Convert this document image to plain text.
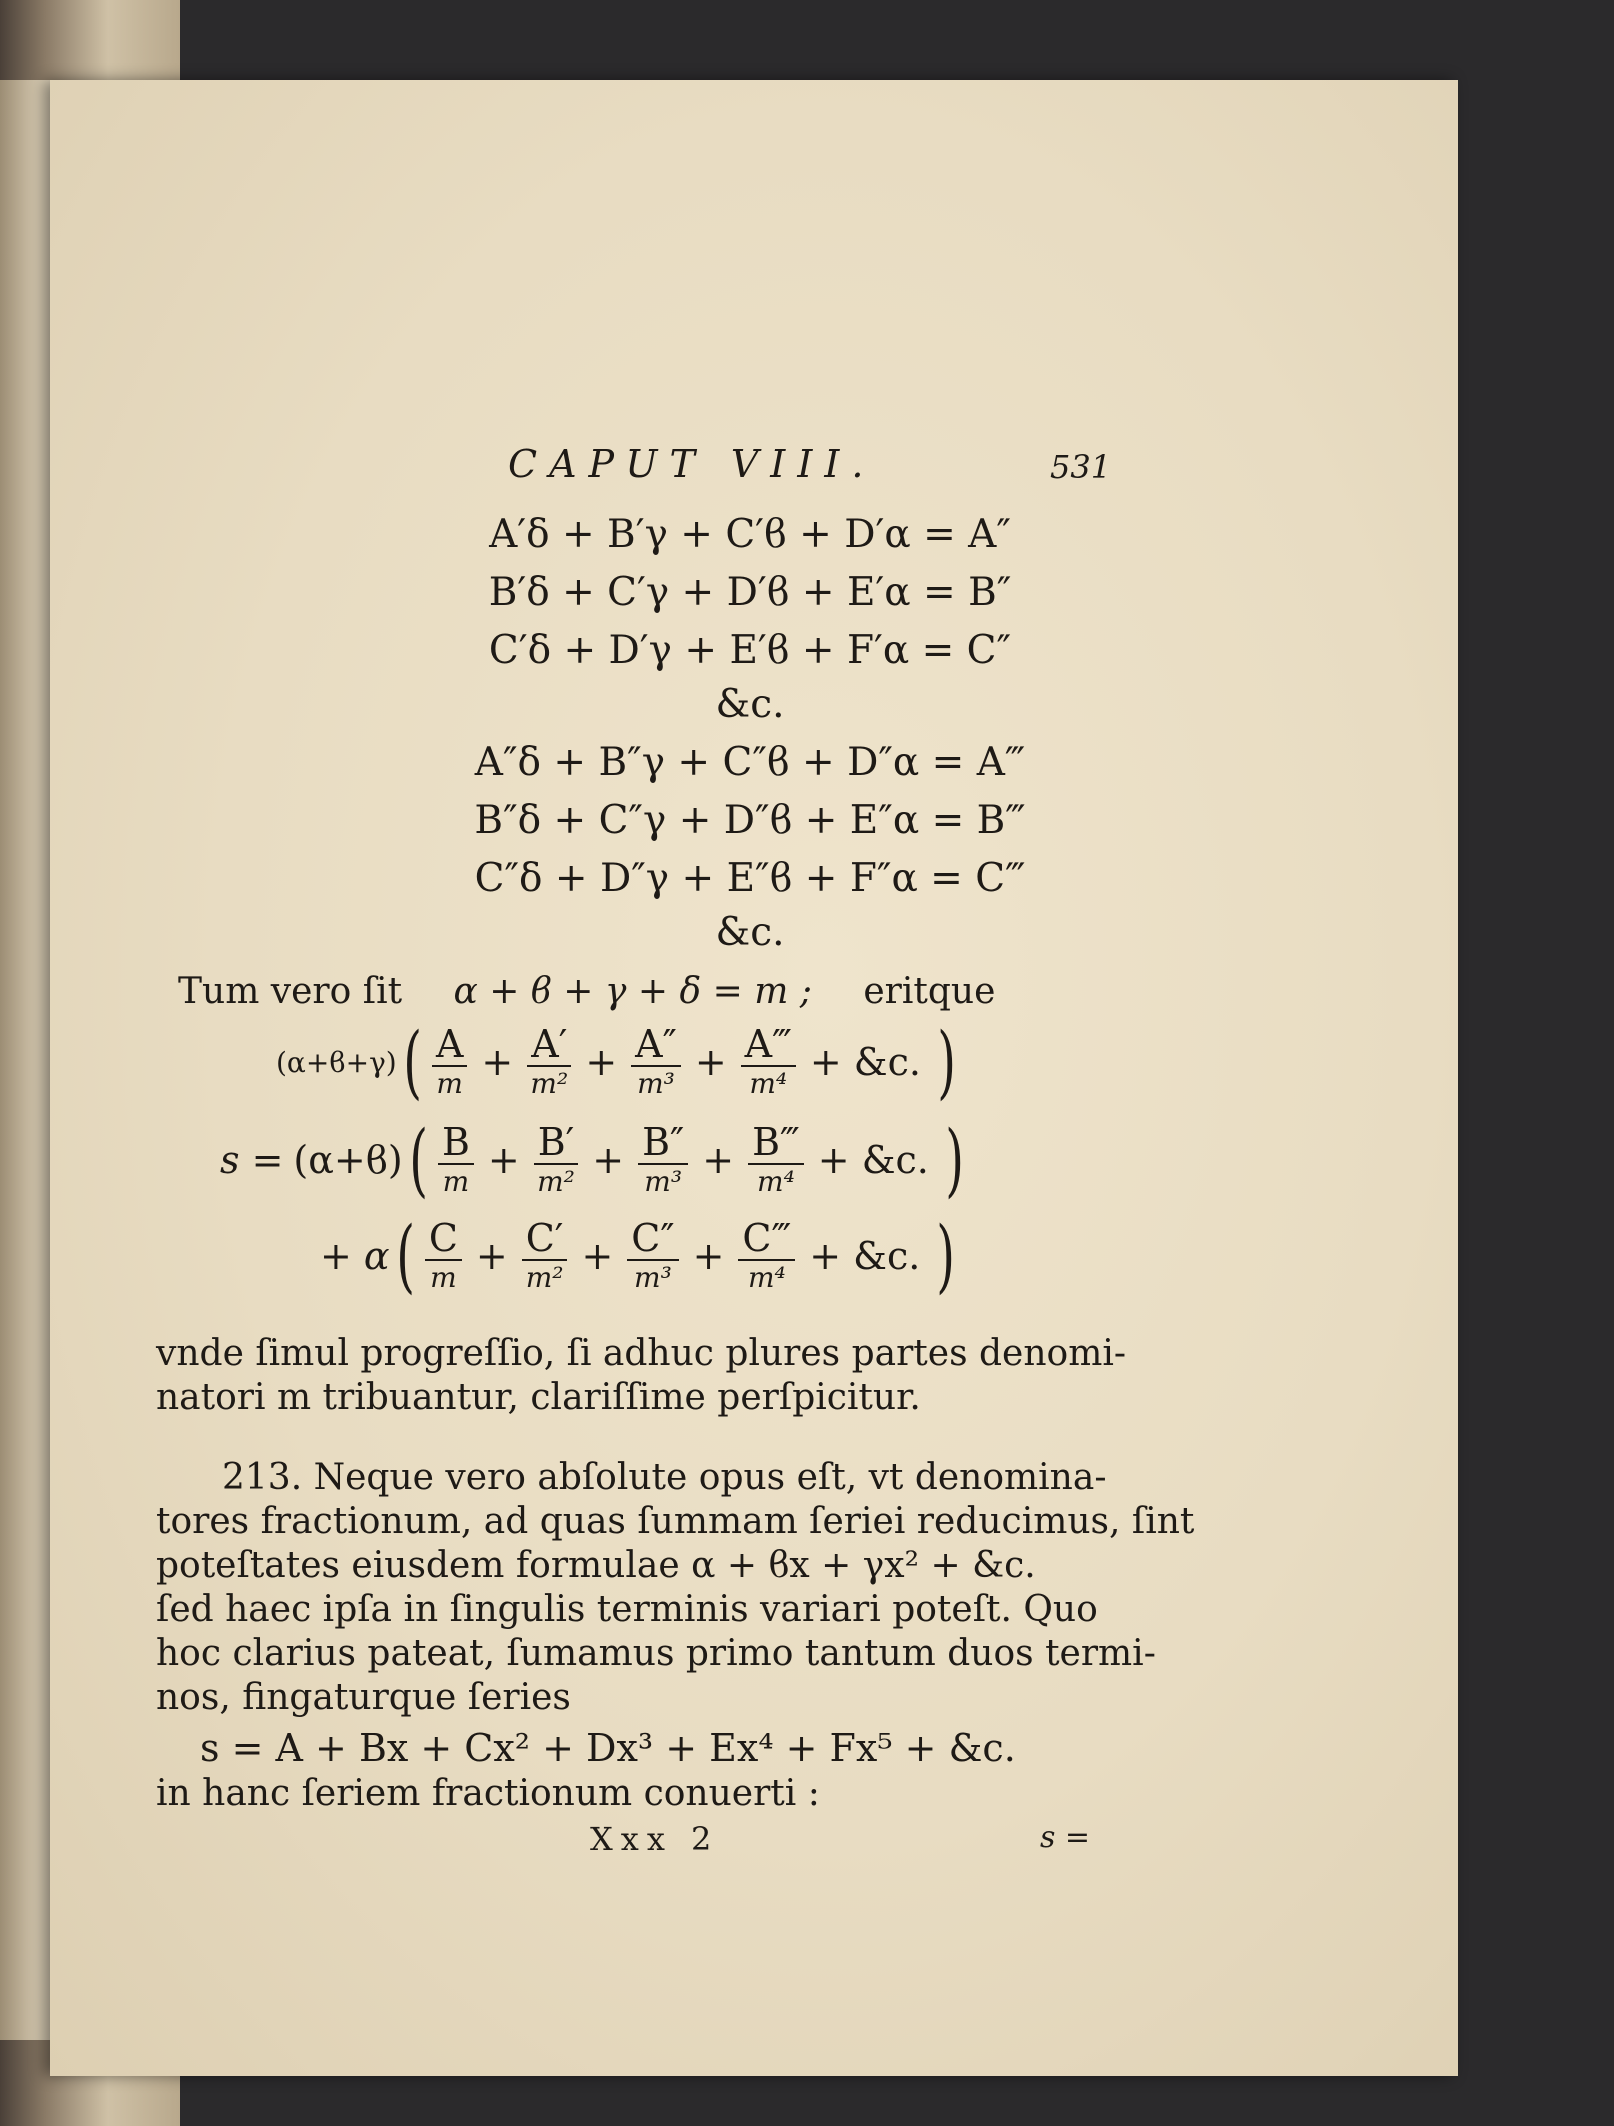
CAPUT VIII.	531
A′δ + B′γ + C′ϐ + D′α = A″
B′δ + C′γ + D′ϐ + E′α = B″
C′δ + D′γ + E′ϐ + F′α = C″
&c.
A″δ + B″γ + C″ϐ + D″α = A‴
B″δ + C″γ + D″ϐ + E″α = B‴
C″δ + D″γ + E″ϐ + F″α = C‴
&c.
Tum vero ſit α + ϐ + γ + δ = m ; eritque
(α+ϐ+γ) ( $\frac{A}{m} + \frac{A'}{\text{m²}} + \frac{A''}{\text{m³}} + \frac{A‴}{\text{m⁴}}$ + &c. )
s = (α+ϐ) ( $\frac{B}{m} + \frac{B'}{\text{m²}} + \frac{B''}{\text{m³}} + \frac{B‴}{\text{m⁴}}$ + &c. )
+ α ( $\frac{C}{m} + \frac{C'}{\text{m²}} + \frac{C''}{\text{m³}} + \frac{C‴}{\text{m⁴}}$ + &c. )
vnde ſimul progreſſio, ſi adhuc plures partes denomi-
natori m tribuantur, clariſſime perſpicitur.
213. Neque vero abſolute opus eſt, vt denomina-
tores fractionum, ad quas ſummam ſeriei reducimus, ſint
poteſtates eiusdem formulae α + ϐx + γx² + &c.
ſed haec ipſa in ſingulis terminis variari poteſt. Quo
hoc clarius pateat, ſumamus primo tantum duos termi-
nos, fingaturque ſeries
s = A + Bx + Cx² + Dx³ + Ex⁴ + Fx⁵ + &c.
in hanc ſeriem fractionum conuerti :
Xxx 2	s =
